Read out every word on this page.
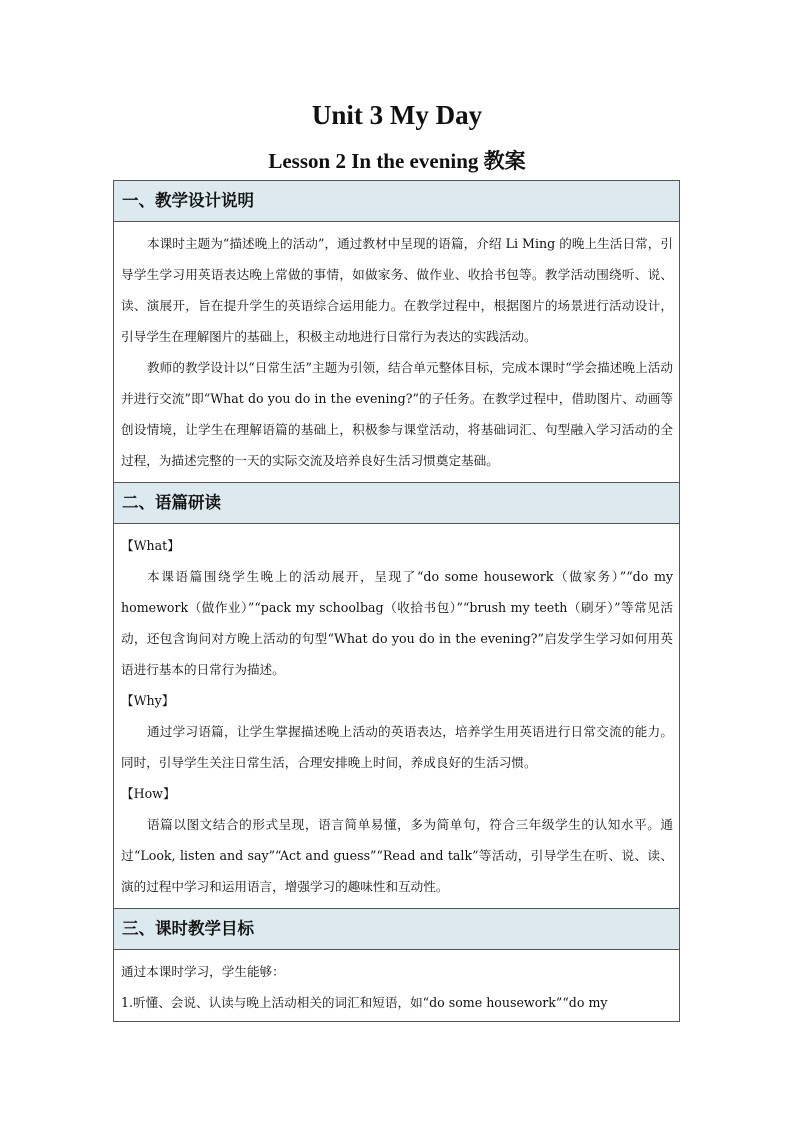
Unit 3 My Day
Lesson 2 In the evening 教案
一、教学设计说明

本课时主题为“描述晚上的活动”，通过教材中呈现的语篇，介绍 Li Ming 的晚上生活日常，引导学生学习用英语表达晚上常做的事情，如做家务、做作业、收拾书包等。教学活动围绕听、说、读、演展开，旨在提升学生的英语综合运用能力。在教学过程中，根据图片的场景进行活动设计，引导学生在理解图片的基础上，积极主动地进行日常行为表达的实践活动。

教师的教学设计以“日常生活”主题为引领，结合单元整体目标，完成本课时“学会描述晚上活动并进行交流”即“What do you do in the evening?”的子任务。在教学过程中，借助图片、动画等创设情境，让学生在理解语篇的基础上，积极参与课堂活动，将基础词汇、句型融入学习活动的全过程，为描述完整的一天的实际交流及培养良好生活习惯奠定基础。

二、语篇研读

【What】

本课语篇围绕学生晚上的活动展开，呈现了“do some housework（做家务）”“do my homework（做作业）”“pack my schoolbag（收拾书包）”“brush my teeth（刷牙）”等常见活动，还包含询问对方晚上活动的句型“What do you do in the evening?”启发学生学习如何用英语进行基本的日常行为描述。

【Why】

通过学习语篇，让学生掌握描述晚上活动的英语表达，培养学生用英语进行日常交流的能力。同时，引导学生关注日常生活，合理安排晚上时间，养成良好的生活习惯。

【How】

语篇以图文结合的形式呈现，语言简单易懂，多为简单句，符合三年级学生的认知水平。通过“Look, listen and say”“Act and guess”“Read and talk”等活动，引导学生在听、说、读、演的过程中学习和运用语言，增强学习的趣味性和互动性。

三、课时教学目标

通过本课时学习，学生能够：

1.听懂、会说、认读与晚上活动相关的词汇和短语，如“do some housework”“do my
